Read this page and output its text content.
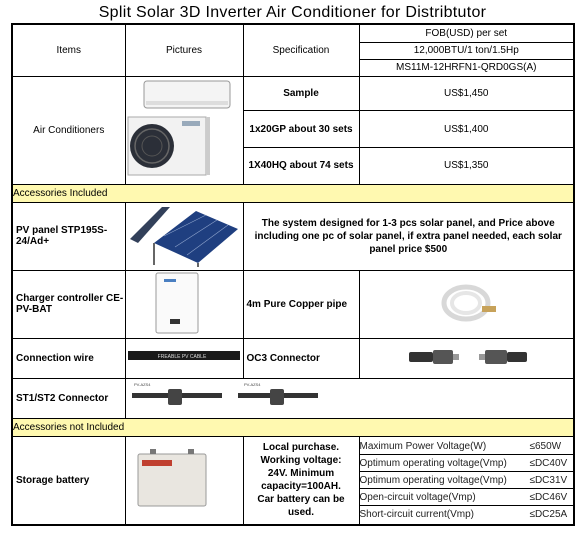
Split Solar 3D Inverter Air Conditioner for Distribtutor
Items	Pictures	Specification	FOB(USD) per set
12,000BTU/1 ton/1.5Hp
MS11M-12HRFN1-QRD0GS(A)
Air Conditioners		Sample	US$1,450
1x20GP about 30 sets	US$1,400
1X40HQ about 74 sets	US$1,350
Accessories Included
PV panel STP195S-24/Ad+		The system designed for 1-3 pcs solar panel, and Price above including one pc of solar panel, if extra panel needed, each solar panel price $500
Charger controller CE-PV-BAT		4m Pure Copper pipe	
Connection wire	FREABLE PV CABLE	OC3 Connector	
ST1/ST2 Connector	
PV-AZS4	PV-AZS4

Accessories not Included
Storage battery		Local purchase. Working voltage: 24V. Minimum capacity=100AH. Car battery can be used.	
Maximum Power Voltage(W)	≤650W
Optimum operating voltage(Vmp)	≤DC40V
Optimum operating voltage(Vmp)	≤DC31V
Open-circuit voltage(Vmp)	≤DC46V
Short-circuit current(Vmp)	≤DC25A
